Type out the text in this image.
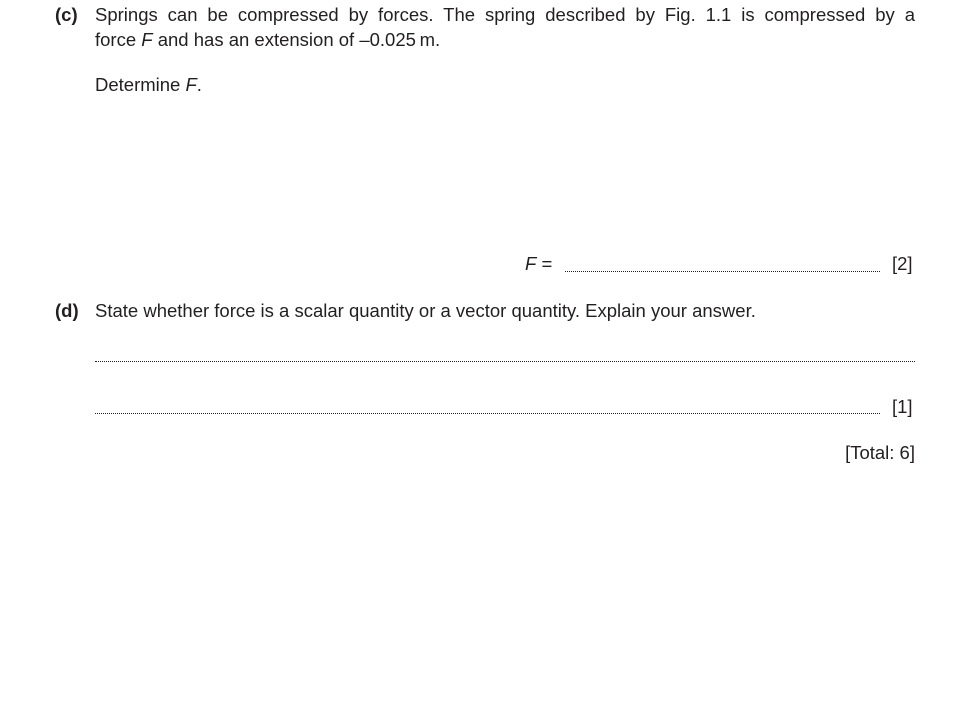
(c) Springs can be compressed by forces. The spring described by Fig. 1.1 is compressed by a
force F and has an extension of –0.025 m.
Determine F.
F =	[2]
(d) State whether force is a scalar quantity or a vector quantity. Explain your answer.
[1]
[Total: 6]
